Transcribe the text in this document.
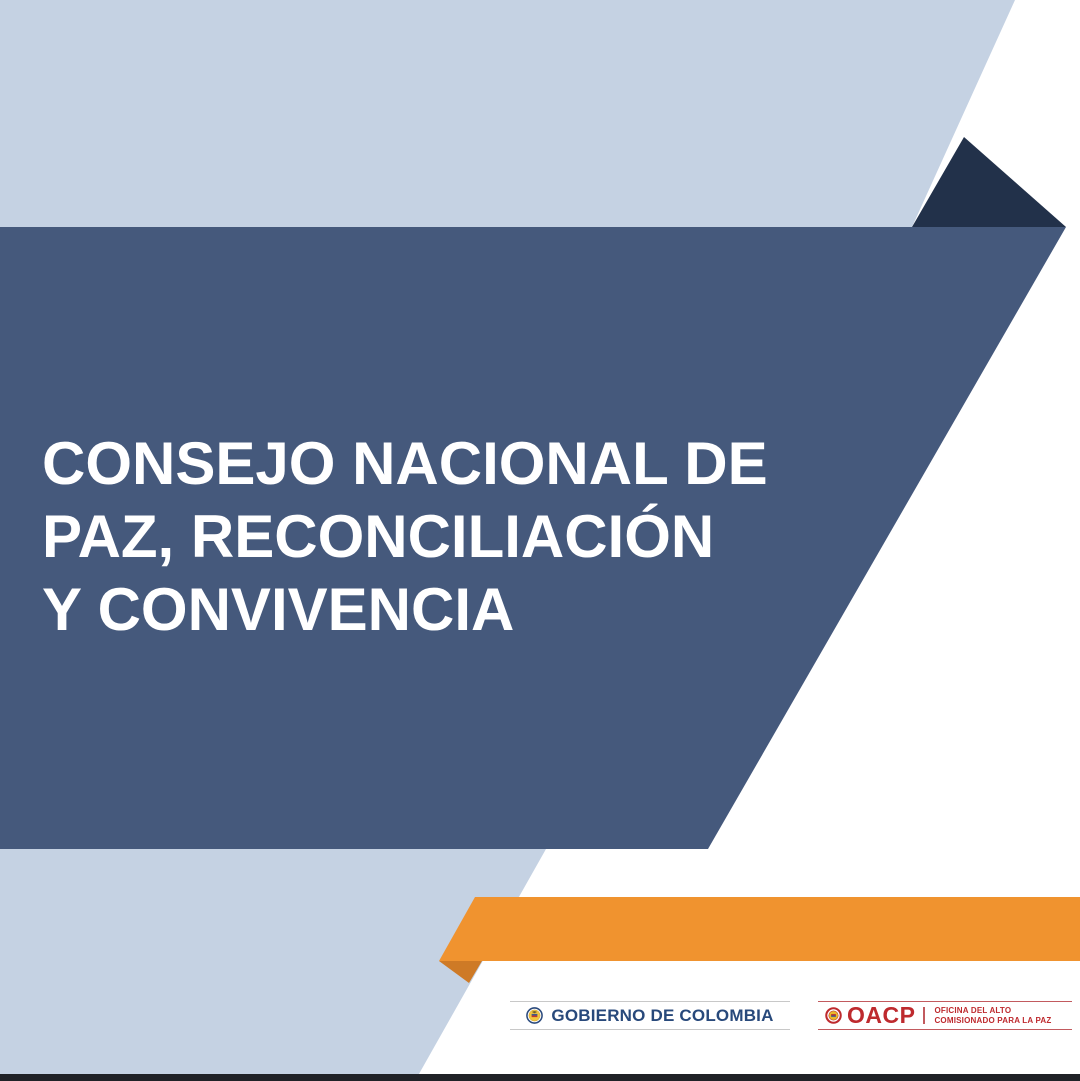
CONSEJO NACIONAL DE
PAZ, RECONCILIACIÓN
Y CONVIVENCIA
GOBIERNO DE COLOMBIA	OACP OFICINA DEL ALTO
COMISIONADO PARA LA PAZ
